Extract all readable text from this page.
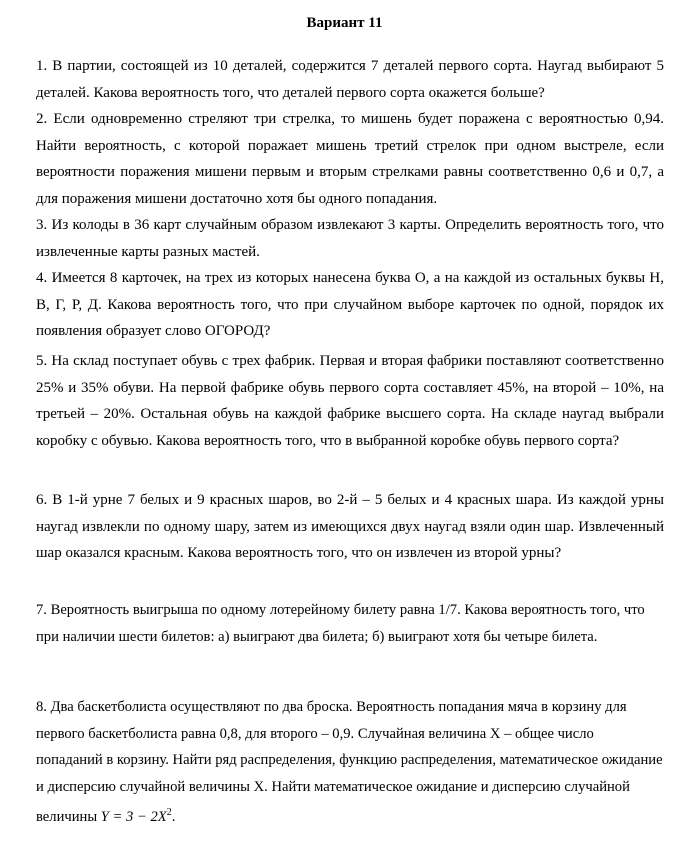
Вариант 11
1. В партии, состоящей из 10 деталей, содержится 7 деталей первого сорта. Наугад выбирают 5 деталей. Какова вероятность того, что деталей первого сорта окажется больше?
2. Если одновременно стреляют три стрелка, то мишень будет поражена с вероятностью 0,94. Найти вероятность, с которой поражает мишень третий стрелок при одном выстреле, если вероятности поражения мишени первым и вторым стрелками равны соответственно 0,6 и 0,7, а для поражения мишени достаточно хотя бы одного попадания.
3. Из колоды в 36 карт случайным образом извлекают 3 карты. Определить вероятность того, что извлеченные карты разных мастей.
4. Имеется 8 карточек, на трех из которых нанесена буква О, а на каждой из остальных буквы Н, В, Г, Р, Д. Какова вероятность того, что при случайном выборе карточек по одной, порядок их появления образует слово ОГОРОД?
5. На склад поступает обувь с трех фабрик. Первая и вторая фабрики поставляют соответственно 25% и 35% обуви. На первой фабрике обувь первого сорта составляет 45%, на второй – 10%, на третьей – 20%. Остальная обувь на каждой фабрике высшего сорта. На складе наугад выбрали коробку с обувью. Какова вероятность того, что в выбранной коробке обувь первого сорта?
6. В 1-й урне 7 белых и 9 красных шаров, во 2-й – 5 белых и 4 красных шара. Из каждой урны наугад извлекли по одному шару, затем из имеющихся двух наугад взяли один шар. Извлеченный шар оказался красным. Какова вероятность того, что он извлечен из второй урны?
7. Вероятность выигрыша по одному лотерейному билету равна 1/7. Какова вероятность того, что при наличии шести билетов: а) выиграют два билета; б) выиграют хотя бы четыре билета.
8. Два баскетболиста осуществляют по два броска. Вероятность попадания мяча в корзину для первого баскетболиста равна 0,8, для второго – 0,9. Случайная величина X – общее число попаданий в корзину. Найти ряд распределения, функцию распределения, математическое ожидание и дисперсию случайной величины X. Найти математическое ожидание и дисперсию случайной величины $Y = 3 - 2X^2$.
